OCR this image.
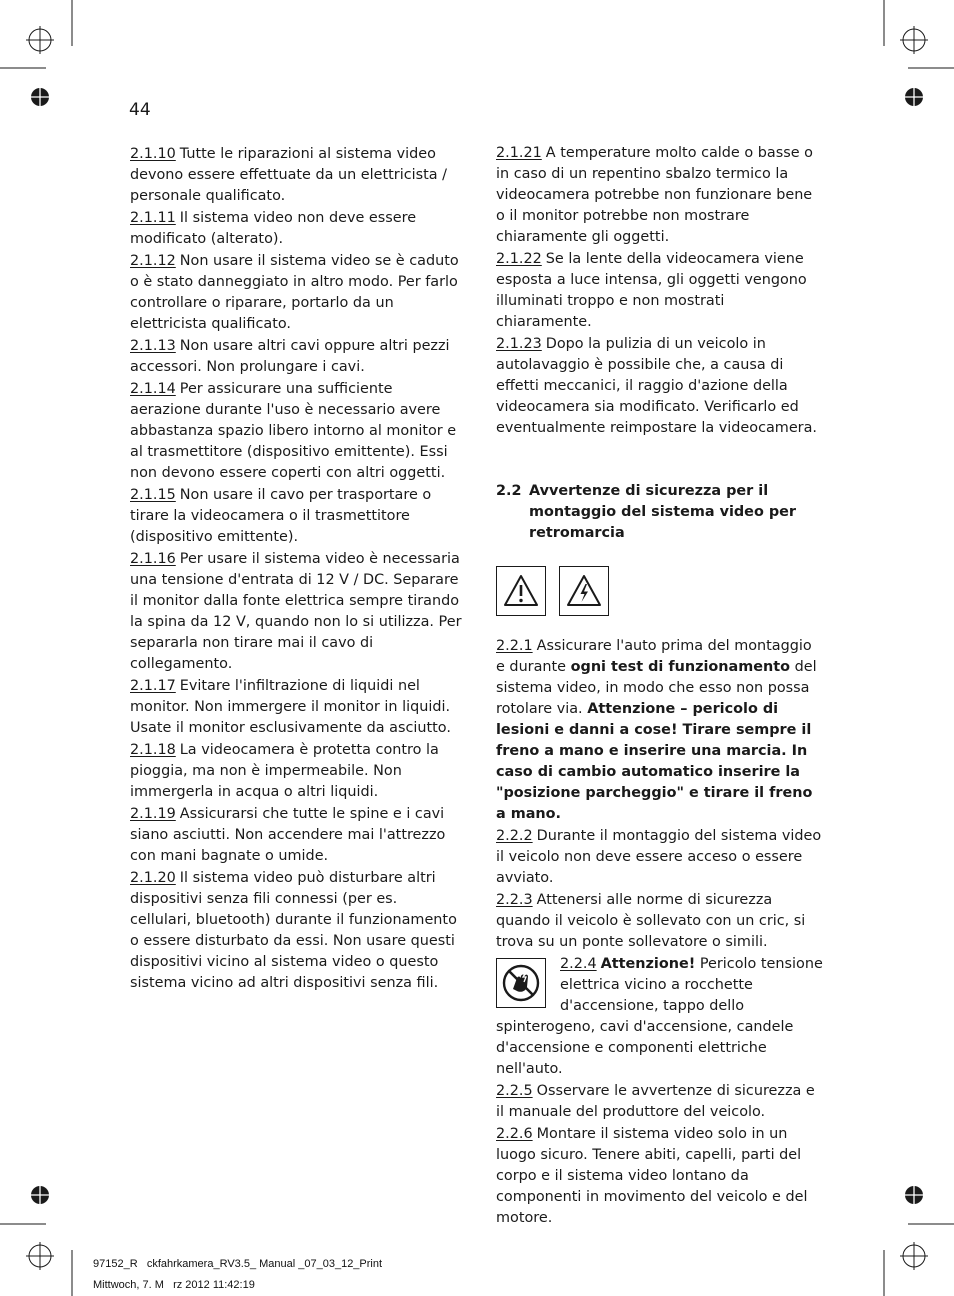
44

2.1.10 Tutte le riparazioni al sistema video devono essere effettuate da un elettricista / personale qualificato.

2.1.11 Il sistema video non deve essere modificato (alterato).

2.1.12 Non usare il sistema video se è caduto o è stato danneggiato in altro modo. Per farlo controllare o riparare, portarlo da un elettricista qualificato.

2.1.13 Non usare altri cavi oppure altri pezzi accessori. Non prolungare i cavi.

2.1.14 Per assicurare una sufficiente aerazione durante l'uso è necessario avere abbastanza spazio libero intorno al monitor e al trasmettitore (dispositivo emittente). Essi non devono essere coperti con altri oggetti.

2.1.15 Non usare il cavo per trasportare o tirare la videocamera o il trasmettitore (dispositivo emittente).

2.1.16 Per usare il sistema video è necessaria una tensione d'entrata di 12 V / DC. Separare il monitor dalla fonte elettrica sempre tirando la spina da 12 V, quando non lo si utilizza. Per separarla non tirare mai il cavo di collegamento.

2.1.17 Evitare l'infiltrazione di liquidi nel monitor. Non immergere il monitor in liquidi. Usate il monitor esclusivamente da asciutto.

2.1.18 La videocamera è protetta contro la pioggia, ma non è impermeabile. Non immergerla in acqua o altri liquidi.

2.1.19 Assicurarsi che tutte le spine e i cavi siano asciutti. Non accendere mai l'attrezzo con mani bagnate o umide.

2.1.20 Il sistema video può disturbare altri dispositivi senza fili connessi (per es. cellulari, bluetooth) durante il funzionamento o essere disturbato da essi. Non usare questi dispositivi vicino al sistema video o questo sistema vicino ad altri dispositivi senza fili.

2.1.21 A temperature molto calde o basse o in caso di un repentino sbalzo termico la videocamera potrebbe non funzionare bene o il monitor potrebbe non mostrare chiaramente gli oggetti.

2.1.22 Se la lente della videocamera viene esposta a luce intensa, gli oggetti vengono illuminati troppo e non mostrati chiaramente.

2.1.23 Dopo la pulizia di un veicolo in autolavaggio è possibile che, a causa di effetti meccanici, il raggio d'azione della videocamera sia modificato. Verificarlo ed eventualmente reimpostare la videocamera.

2.2 Avvertenze di sicurezza per il montaggio del sistema video per retromarcia

2.2.1 Assicurare l'auto prima del montaggio e durante ogni test di funzionamento del sistema video, in modo che esso non possa rotolare via. Attenzione – pericolo di lesioni e danni a cose! Tirare sempre il freno a mano e inserire una marcia. In caso di cambio automatico inserire la "posizione parcheggio" e tirare il freno a mano.

2.2.2 Durante il montaggio del sistema video il veicolo non deve essere acceso o essere avviato.

2.2.3 Attenersi alle norme di sicurezza quando il veicolo è sollevato con un cric, si trova su un ponte sollevatore o simili.

2.2.4 Attenzione! Pericolo tensione elettrica vicino a rocchette d'accensione, tappo dello spinterogeno, cavi d'accensione, candele d'accensione e componenti elettriche nell'auto.

2.2.5 Osservare le avvertenze di sicurezza e il manuale del produttore del veicolo.

2.2.6 Montare il sistema video solo in un luogo sicuro. Tenere abiti, capelli, parti del corpo e il sistema video lontano da componenti in movimento del veicolo e del motore.

97152_R   ckfahrkamera_RV3.5_ Manual _07_03_12_Print
Mittwoch, 7. M   rz 2012 11:42:19
